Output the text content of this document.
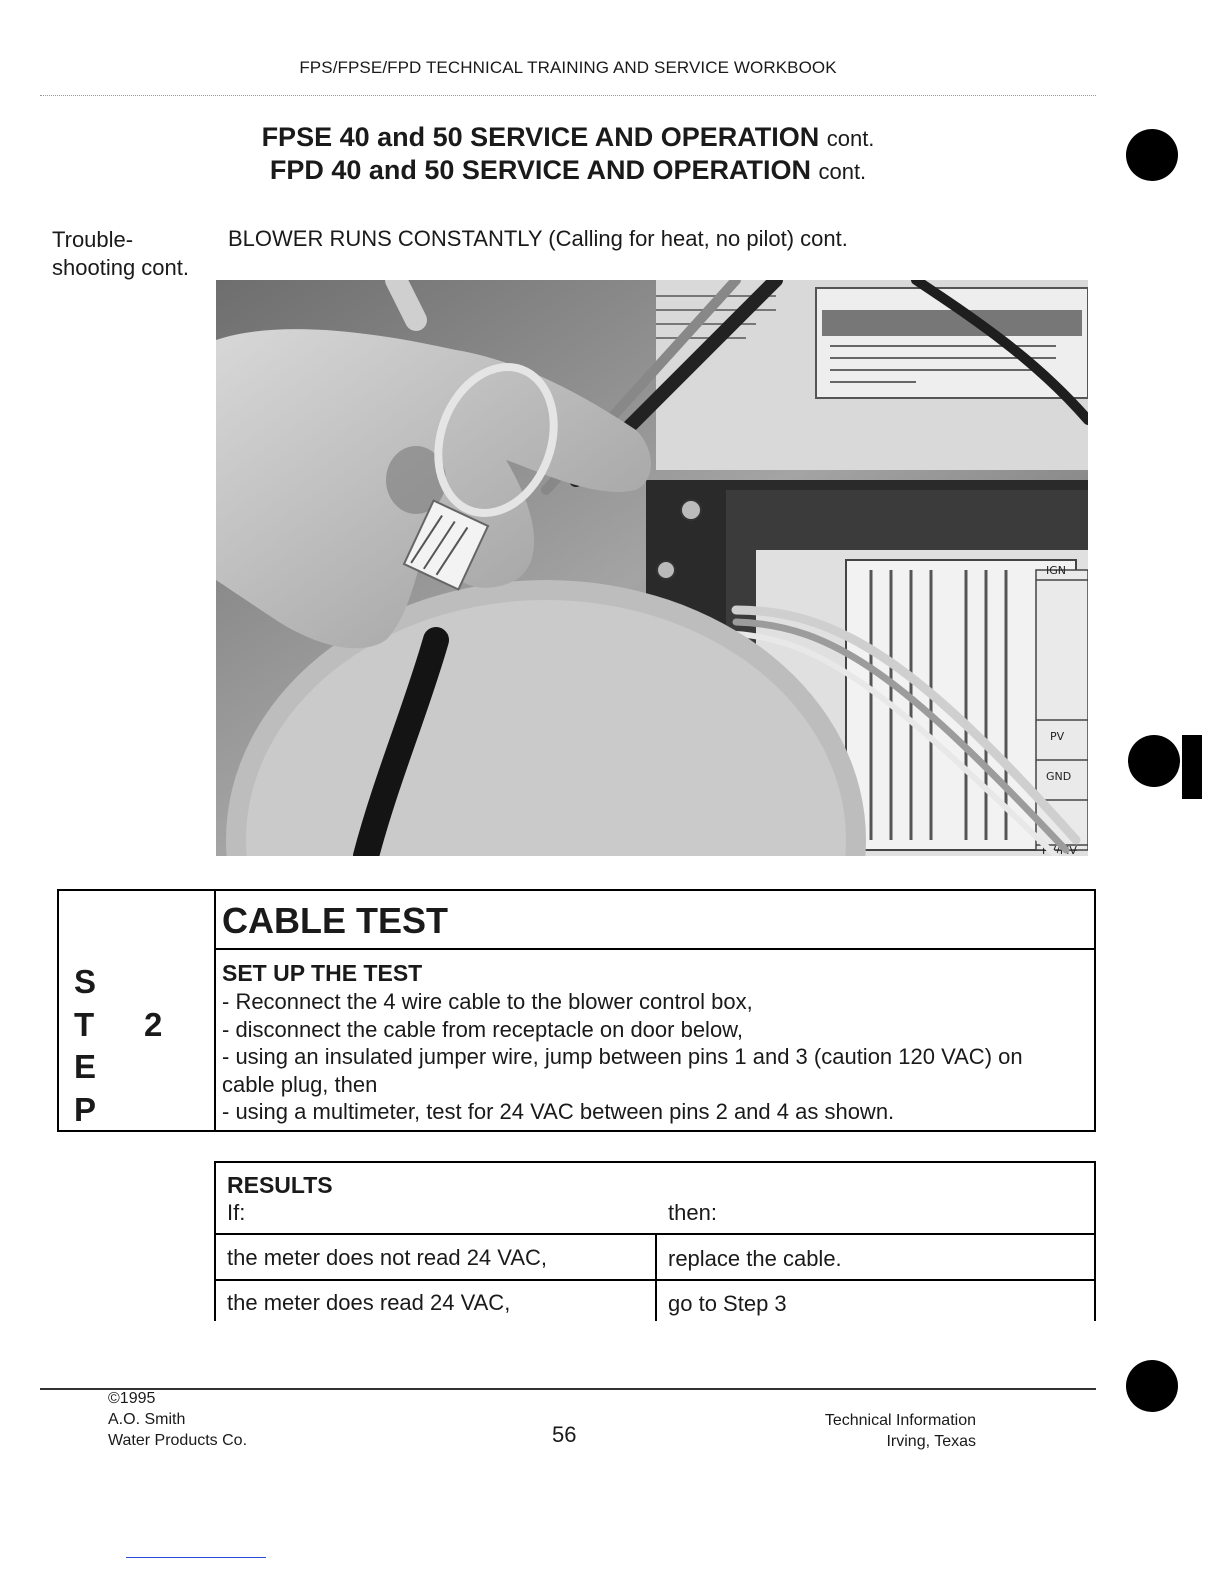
FPS/FPSE/FPD TECHNICAL TRAINING AND SERVICE WORKBOOK
FPSE 40 and 50 SERVICE AND OPERATION cont.
FPD 40 and 50 SERVICE AND OPERATION cont.
Trouble-
shooting cont.
BLOWER RUNS CONSTANTLY (Calling for heat, no pilot) cont.
IGN
PV
GND
PV/MV
S
T
E
P
2
CABLE TEST
SET UP THE TEST
- Reconnect the 4 wire cable to the blower control box,
- disconnect the cable from receptacle on door below,
- using an insulated jumper wire, jump between pins 1 and 3 (caution 120 VAC) on
cable plug, then
- using a multimeter, test for 24 VAC between pins 2 and 4 as shown.
RESULTS
If:	then:
the meter does not read 24 VAC,	replace the cable.
the meter does read 24 VAC,	go to Step 3
©1995
A.O. Smith
Water Products Co.	56
Technical Information
Irving, Texas
